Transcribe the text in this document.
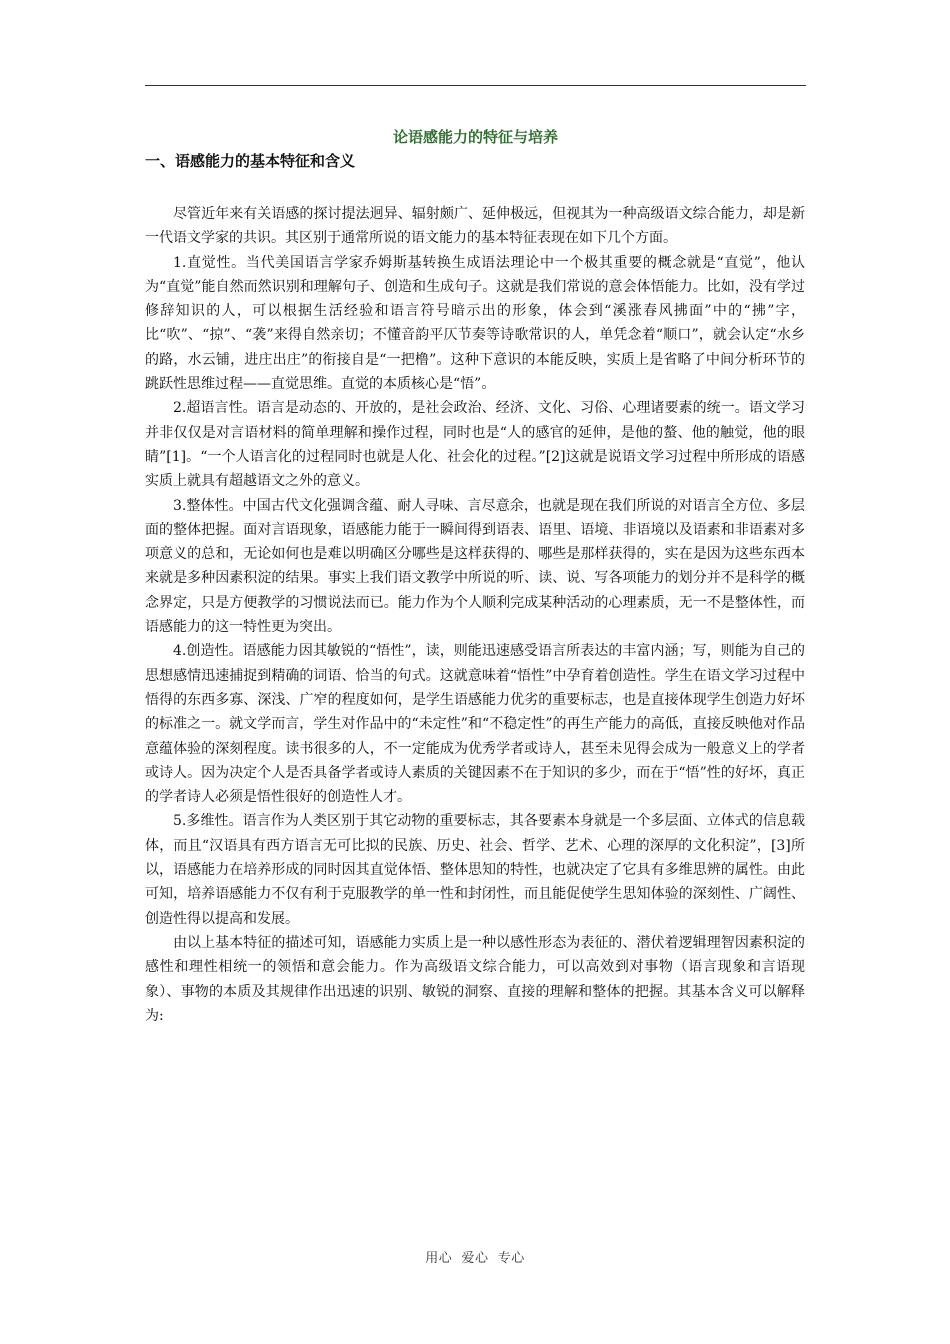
论语感能力的特征与培养
一、语感能力的基本特征和含义

尽管近年来有关语感的探讨提法迥异、辐射颇广、延伸极远，但视其为一种高级语文综合能力，却是新一代语文学家的共识。其区别于通常所说的语文能力的基本特征表现在如下几个方面。

1.直觉性。当代美国语言学家乔姆斯基转换生成语法理论中一个极其重要的概念就是“直觉”，他认为“直觉”能自然而然识别和理解句子、创造和生成句子。这就是我们常说的意会体悟能力。比如，没有学过修辞知识的人，可以根据生活经验和语言符号暗示出的形象，体会到“溪涨春风拂面”中的“拂”字，比“吹”、“掠”、“袭”来得自然亲切；不懂音韵平仄节奏等诗歌常识的人，单凭念着“顺口”，就会认定“水乡的路，水云铺，进庄出庄”的衔接自是“一把橹”。这种下意识的本能反映，实质上是省略了中间分析环节的跳跃性思维过程——直觉思维。直觉的本质核心是“悟”。

2.超语言性。语言是动态的、开放的，是社会政治、经济、文化、习俗、心理诸要素的统一。语文学习并非仅仅是对言语材料的简单理解和操作过程，同时也是“人的感官的延伸，是他的螯、他的触觉，他的眼睛”[1]。“一个人语言化的过程同时也就是人化、社会化的过程。”[2]这就是说语文学习过程中所形成的语感实质上就具有超越语文之外的意义。

3.整体性。中国古代文化强调含蕴、耐人寻味、言尽意余，也就是现在我们所说的对语言全方位、多层面的整体把握。面对言语现象，语感能力能于一瞬间得到语表、语里、语境、非语境以及语素和非语素对多项意义的总和，无论如何也是难以明确区分哪些是这样获得的、哪些是那样获得的，实在是因为这些东西本来就是多种因素积淀的结果。事实上我们语文教学中所说的听、读、说、写各项能力的划分并不是科学的概念界定，只是方便教学的习惯说法而已。能力作为个人顺利完成某种活动的心理素质，无一不是整体性，而语感能力的这一特性更为突出。

4.创造性。语感能力因其敏锐的“悟性”，读，则能迅速感受语言所表达的丰富内涵；写，则能为自己的思想感情迅速捕捉到精确的词语、恰当的句式。这就意味着“悟性”中孕育着创造性。学生在语文学习过程中悟得的东西多寡、深浅、广窄的程度如何，是学生语感能力优劣的重要标志，也是直接体现学生创造力好坏的标准之一。就文学而言，学生对作品中的“未定性”和“不稳定性”的再生产能力的高低，直接反映他对作品意蕴体验的深刻程度。读书很多的人，不一定能成为优秀学者或诗人，甚至未见得会成为一般意义上的学者或诗人。因为决定个人是否具备学者或诗人素质的关键因素不在于知识的多少，而在于“悟”性的好坏，真正的学者诗人必须是悟性很好的创造性人才。

5.多维性。语言作为人类区别于其它动物的重要标志，其各要素本身就是一个多层面、立体式的信息载体，而且“汉语具有西方语言无可比拟的民族、历史、社会、哲学、艺术、心理的深厚的文化积淀”，[3]所以，语感能力在培养形成的同时因其直觉体悟、整体思知的特性，也就决定了它具有多维思辨的属性。由此可知，培养语感能力不仅有利于克服教学的单一性和封闭性，而且能促使学生思知体验的深刻性、广阔性、创造性得以提高和发展。

由以上基本特征的描述可知，语感能力实质上是一种以感性形态为表征的、潜伏着逻辑理智因素积淀的感性和理性相统一的领悟和意会能力。作为高级语文综合能力，可以高效到对事物（语言现象和言语现象）、事物的本质及其规律作出迅速的识别、敏锐的洞察、直接的理解和整体的把握。其基本含义可以解释为:

用心  爱心  专心
